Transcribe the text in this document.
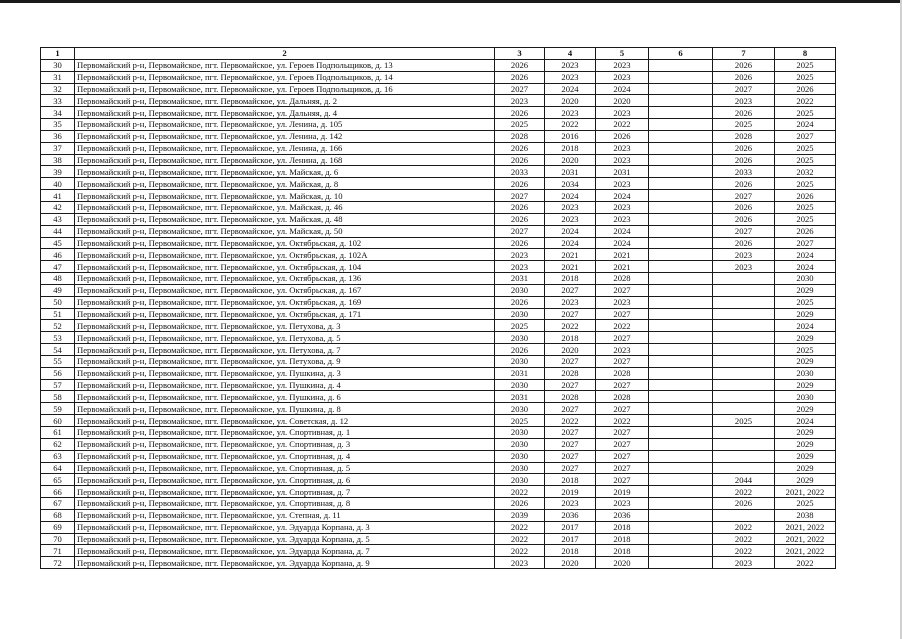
1	2	3	4	5	6	7	8
30	Первомайский р-н, Первомайское, пгт. Первомайское, ул. Героев Подпольщиков, д. 13	2026	2023	2023		2026	2025
31	Первомайский р-н, Первомайское, пгт. Первомайское, ул. Героев Подпольщиков, д. 14	2026	2023	2023		2026	2025
32	Первомайский р-н, Первомайское, пгт. Первомайское, ул. Героев Подпольщиков, д. 16	2027	2024	2024		2027	2026
33	Первомайский р-н, Первомайское, пгт. Первомайское, ул. Дальняя, д. 2	2023	2020	2020		2023	2022
34	Первомайский р-н, Первомайское, пгт. Первомайское, ул. Дальняя, д. 4	2026	2023	2023		2026	2025
35	Первомайский р-н, Первомайское, пгт. Первомайское, ул. Ленина, д. 105	2025	2022	2022		2025	2024
36	Первомайский р-н, Первомайское, пгт. Первомайское, ул. Ленина, д. 142	2028	2016	2026		2028	2027
37	Первомайский р-н, Первомайское, пгт. Первомайское, ул. Ленина, д. 166	2026	2018	2023		2026	2025
38	Первомайский р-н, Первомайское, пгт. Первомайское, ул. Ленина, д. 168	2026	2020	2023		2026	2025
39	Первомайский р-н, Первомайское, пгт. Первомайское, ул. Майская, д. 6	2033	2031	2031		2033	2032
40	Первомайский р-н, Первомайское, пгт. Первомайское, ул. Майская, д. 8	2026	2034	2023		2026	2025
41	Первомайский р-н, Первомайское, пгт. Первомайское, ул. Майская, д. 10	2027	2024	2024		2027	2026
42	Первомайский р-н, Первомайское, пгт. Первомайское, ул. Майская, д. 46	2026	2023	2023		2026	2025
43	Первомайский р-н, Первомайское, пгт. Первомайское, ул. Майская, д. 48	2026	2023	2023		2026	2025
44	Первомайский р-н, Первомайское, пгт. Первомайское, ул. Майская, д. 50	2027	2024	2024		2027	2026
45	Первомайский р-н, Первомайское, пгт. Первомайское, ул. Октябрьская, д. 102	2026	2024	2024		2026	2027
46	Первомайский р-н, Первомайское, пгт. Первомайское, ул. Октябрьская, д. 102А	2023	2021	2021		2023	2024
47	Первомайский р-н, Первомайское, пгт. Первомайское, ул. Октябрьская, д. 104	2023	2021	2021		2023	2024
48	Первомайский р-н, Первомайское, пгт. Первомайское, ул. Октябрьская, д. 136	2031	2018	2028			2030
49	Первомайский р-н, Первомайское, пгт. Первомайское, ул. Октябрьская, д. 167	2030	2027	2027			2029
50	Первомайский р-н, Первомайское, пгт. Первомайское, ул. Октябрьская, д. 169	2026	2023	2023			2025
51	Первомайский р-н, Первомайское, пгт. Первомайское, ул. Октябрьская, д. 171	2030	2027	2027			2029
52	Первомайский р-н, Первомайское, пгт. Первомайское, ул. Петухова, д. 3	2025	2022	2022			2024
53	Первомайский р-н, Первомайское, пгт. Первомайское, ул. Петухова, д. 5	2030	2018	2027			2029
54	Первомайский р-н, Первомайское, пгт. Первомайское, ул. Петухова, д. 7	2026	2020	2023			2025
55	Первомайский р-н, Первомайское, пгт. Первомайское, ул. Петухова, д. 9	2030	2027	2027			2029
56	Первомайский р-н, Первомайское, пгт. Первомайское, ул. Пушкина, д. 3	2031	2028	2028			2030
57	Первомайский р-н, Первомайское, пгт. Первомайское, ул. Пушкина, д. 4	2030	2027	2027			2029
58	Первомайский р-н, Первомайское, пгт. Первомайское, ул. Пушкина, д. 6	2031	2028	2028			2030
59	Первомайский р-н, Первомайское, пгт. Первомайское, ул. Пушкина, д. 8	2030	2027	2027			2029
60	Первомайский р-н, Первомайское, пгт. Первомайское, ул. Советская, д. 12	2025	2022	2022		2025	2024
61	Первомайский р-н, Первомайское, пгт. Первомайское, ул. Спортивная, д. 1	2030	2027	2027			2029
62	Первомайский р-н, Первомайское, пгт. Первомайское, ул. Спортивная, д. 3	2030	2027	2027			2029
63	Первомайский р-н, Первомайское, пгт. Первомайское, ул. Спортивная, д. 4	2030	2027	2027			2029
64	Первомайский р-н, Первомайское, пгт. Первомайское, ул. Спортивная, д. 5	2030	2027	2027			2029
65	Первомайский р-н, Первомайское, пгт. Первомайское, ул. Спортивная, д. 6	2030	2018	2027		2044	2029
66	Первомайский р-н, Первомайское, пгт. Первомайское, ул. Спортивная, д. 7	2022	2019	2019		2022	2021, 2022
67	Первомайский р-н, Первомайское, пгт. Первомайское, ул. Спортивная, д. 8	2026	2023	2023		2026	2025
68	Первомайский р-н, Первомайское, пгт. Первомайское, ул. Степная, д. 11	2039	2036	2036			2038
69	Первомайский р-н, Первомайское, пгт. Первомайское, ул. Эдуарда Корпана, д. 3	2022	2017	2018		2022	2021, 2022
70	Первомайский р-н, Первомайское, пгт. Первомайское, ул. Эдуарда Корпана, д. 5	2022	2017	2018		2022	2021, 2022
71	Первомайский р-н, Первомайское, пгт. Первомайское, ул. Эдуарда Корпана, д. 7	2022	2018	2018		2022	2021, 2022
72	Первомайский р-н, Первомайское, пгт. Первомайское, ул. Эдуарда Корпана, д. 9	2023	2020	2020		2023	2022
